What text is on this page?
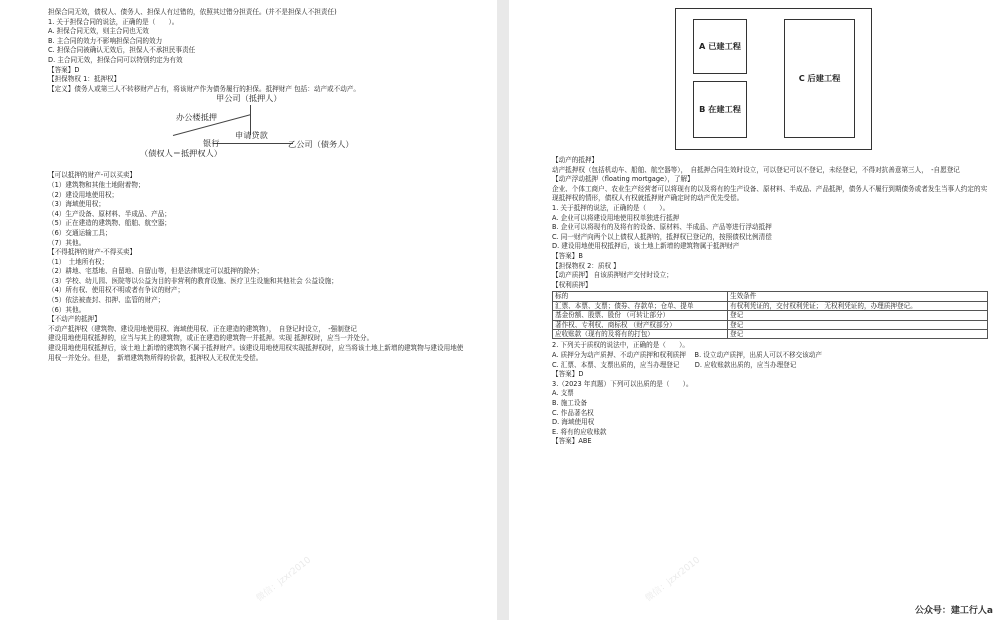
担保合同无效，债权人、债务人、担保人有过错的，依照其过错分担责任。(并不是担保人不担责任)
1. 关于担保合同的说法，正确的是（　　）。
A. 担保合同无效，则主合同也无效
B. 主合同的效力不影响担保合同的效力
C. 担保合同被确认无效后，担保人不承担民事责任
D. 主合同无效，担保合同可以特别约定为有效
【答案】D
【担保物权 1：抵押权】
【定义】债务人或第三人不转移财产占有，将该财产作为债务履行的担保。抵押财产 包括：动产或不动产。
甲公司（抵押人）
办公楼抵押
申请贷款
银行
（债权人＝抵押权人）
乙公司（债务人）
【可以抵押的财产-可以买卖】
（1）建筑物和其他土地附着物；
（2）建设用地使用权；
（3）海域使用权；
（4）生产设备、原材料、半成品、产品；
（5）正在建造的建筑物、船舶、航空器；
（6）交通运输工具；
（7）其他。
【不得抵押的财产-不得买卖】
（1）　土地所有权；
（2）耕地、宅基地、自留地、自留山等，但是法律规定可以抵押的除外；
（3）学校、幼儿园、医院等以公益为目的非营利的教育设施、医疗卫生设施和其他社会 公益设施；
（4）所有权、使用权不明或者有争议的财产；
（5）依法被查封、扣押、监管的财产；
（6）其他。
【不动产的抵押】
不动产抵押权（建筑物、建设用地使用权、海域使用权、正在建造的建筑物），　自登记时设立，　-强制登记
建设用地使用权抵押的，应当与其上的建筑物，或正在建造的建筑物一并抵押。实现 抵押权时，应当一并处分。
建设用地使用权抵押后，该土地上新增的建筑物不属于抵押财产。该建设用地使用权实现抵押权时，应当将该土地上新增的建筑物与建设用地使用权一并处分。但是，　新增建筑物所得的价款，抵押权人无权优先受偿。
微信：jzxr2010
A 已建工程
B 在建工程
C 后建工程
【动产的抵押】
动产抵押权（包括机动车、船舶、航空器等），　自抵押合同生效时设立，可以登记可以不登记，未经登记，不得对抗善意第三人，　-自愿登记
【动产浮动抵押（floating mortgage），了解】
企业、个体工商户、农业生产经营者可以将现有的以及将有的生产设备、原材料、半成品、产品抵押，债务人不履行到期债务或者发生当事人约定的实现抵押权的情形，债权人有权就抵押财产确定时的动产优先受偿。
1. 关于抵押的说法，正确的是（　　）。
A. 企业可以将建设用地使用权单独进行抵押
B. 企业可以将现有的及将有的设备、原材料、半成品、产品等进行浮动抵押
C. 同一财产向两个以上债权人抵押的，抵押权已登记的，按照债权比例清偿
D. 建设用地使用权抵押后，该土地上新增的建筑物属于抵押财产
【答案】B
【担保物权 2：质权 】
【动产质押】 自该质押财产交付时设立；
【权利质押】
标的	生效条件
汇票、本票、支票；债券、存款单；仓单、提单	有权利凭证的，交付权利凭证； 无权利凭证的，办理质押登记。
基金份额、股票、股份 （可转让部分）	登记
著作权、专利权、商标权 （财产权部分）	登记
应收账款（现有的及将有的打包）	登记
2. 下列关于质权的说法中，正确的是（　　）。
A. 质押分为动产质押、不动产质押和权利质押　 B. 设立动产质押，出质人可以不移交该动产
C. 汇票、本票、支票出质的，应当办理登记　　 D. 应收账款出质的，应当办理登记
【答案】D
3.（2023 年真题）下列可以出质的是（　　）。
A. 支票
B. 施工设备
C. 作品著名权
D. 海域使用权
E. 将有的应收账款
【答案】ABE
微信：jzxr2010
公众号：建工行人a
